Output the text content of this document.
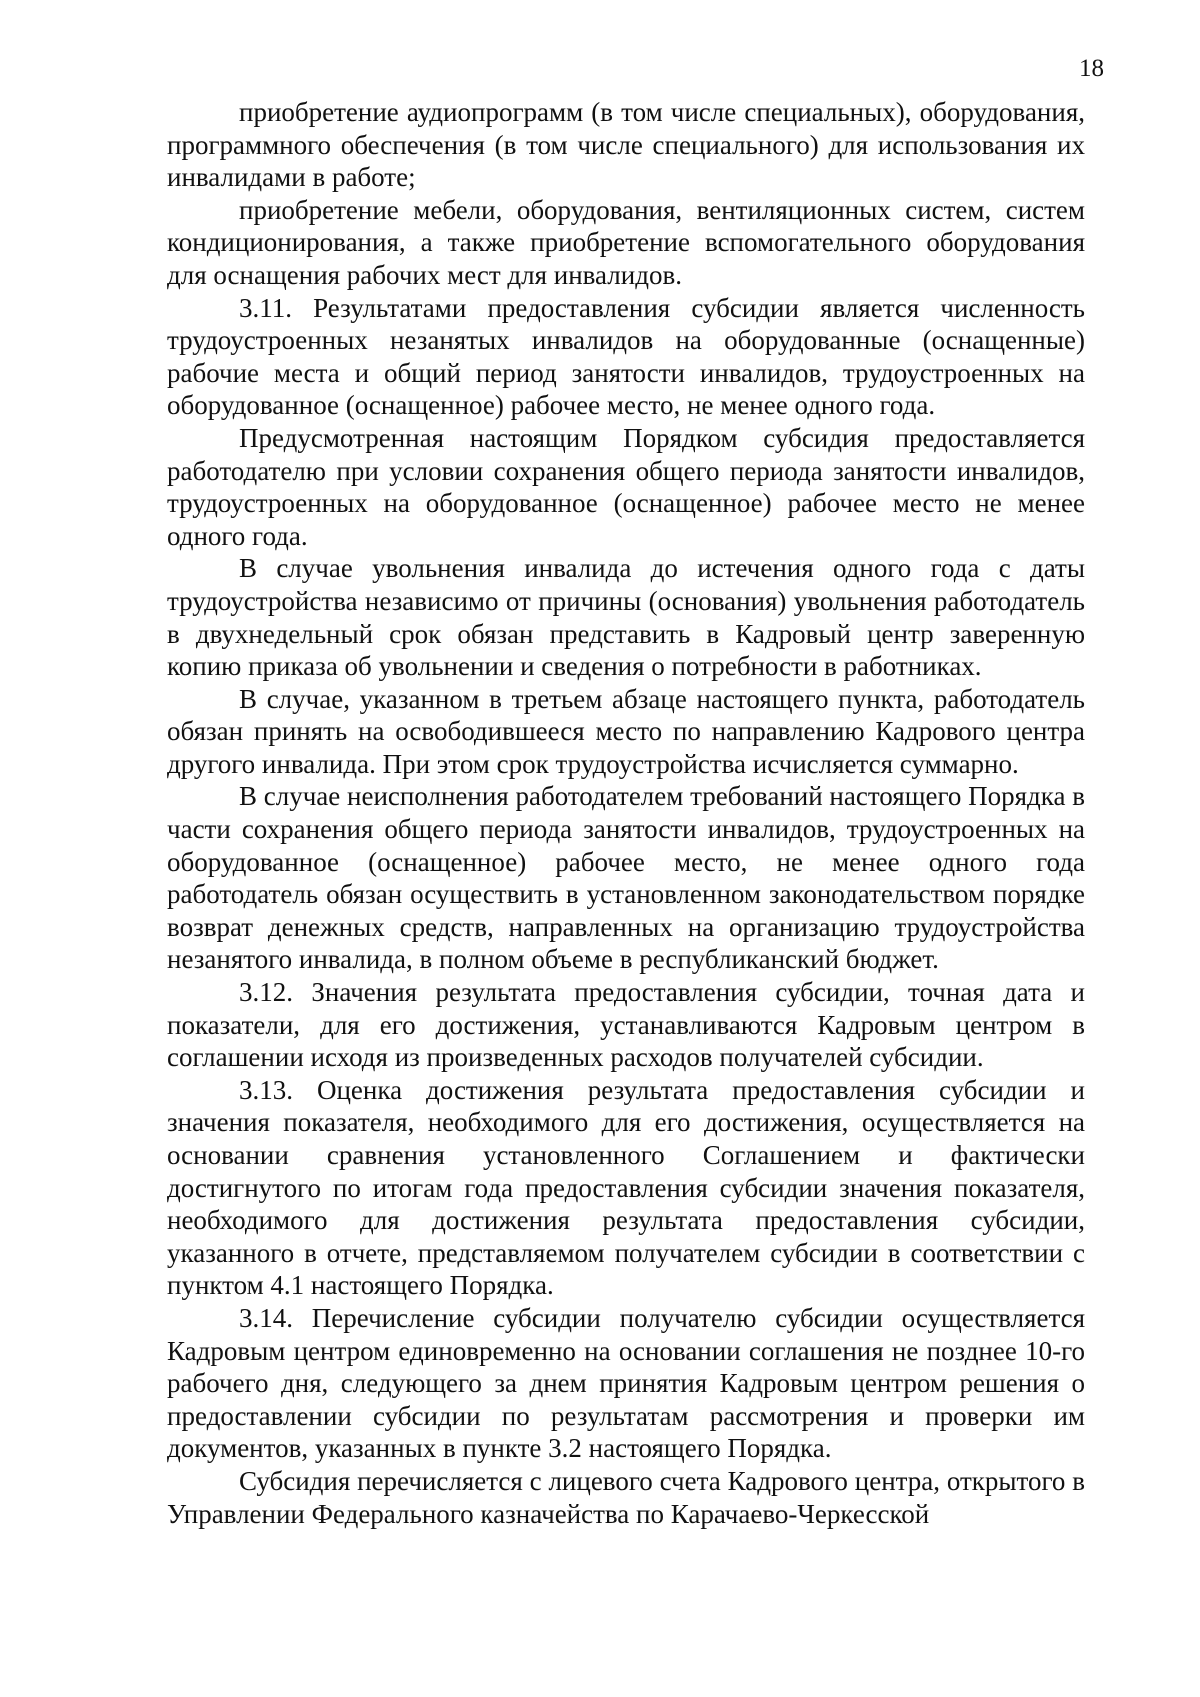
18

приобретение аудиопрограмм (в том числе специальных), оборудования, программного обеспечения (в том числе специального) для использования их инвалидами в работе;

приобретение мебели, оборудования, вентиляционных систем, систем кондиционирования, а также приобретение вспомогательного оборудования для оснащения рабочих мест для инвалидов.

3.11. Результатами предоставления субсидии является численность трудоустроенных незанятых инвалидов на оборудованные (оснащенные) рабочие места и общий период занятости инвалидов, трудоустроенных на оборудованное (оснащенное) рабочее место, не менее одного года.

Предусмотренная настоящим Порядком субсидия предоставляется работодателю при условии сохранения общего периода занятости инвалидов, трудоустроенных на оборудованное (оснащенное) рабочее место не менее одного года.

В случае увольнения инвалида до истечения одного года с даты трудоустройства независимо от причины (основания) увольнения работодатель в двухнедельный срок обязан представить в Кадровый центр заверенную копию приказа об увольнении и сведения о потребности в работниках.

В случае, указанном в третьем абзаце настоящего пункта, работодатель обязан принять на освободившееся место по направлению Кадрового центра другого инвалида. При этом срок трудоустройства исчисляется суммарно.

В случае неисполнения работодателем требований настоящего Порядка в части сохранения общего периода занятости инвалидов, трудоустроенных на оборудованное (оснащенное) рабочее место, не менее одного года работодатель обязан осуществить в установленном законодательством порядке возврат денежных средств, направленных на организацию трудоустройства незанятого инвалида, в полном объеме в республиканский бюджет.

3.12. Значения результата предоставления субсидии, точная дата и показатели, для его достижения, устанавливаются Кадровым центром в соглашении исходя из произведенных расходов получателей субсидии.

3.13. Оценка достижения результата предоставления субсидии и значения показателя, необходимого для его достижения, осуществляется на основании сравнения установленного Соглашением и фактически достигнутого по итогам года предоставления субсидии значения показателя, необходимого для достижения результата предоставления субсидии, указанного в отчете, представляемом получателем субсидии в соответствии с пунктом 4.1 настоящего Порядка.

3.14. Перечисление субсидии получателю субсидии осуществляется Кадровым центром единовременно на основании соглашения не позднее 10-го рабочего дня, следующего за днем принятия Кадровым центром решения о предоставлении субсидии по результатам рассмотрения и проверки им документов, указанных в пункте 3.2 настоящего Порядка.

Субсидия перечисляется с лицевого счета Кадрового центра, открытого в Управлении Федерального казначейства по Карачаево-Черкесской
